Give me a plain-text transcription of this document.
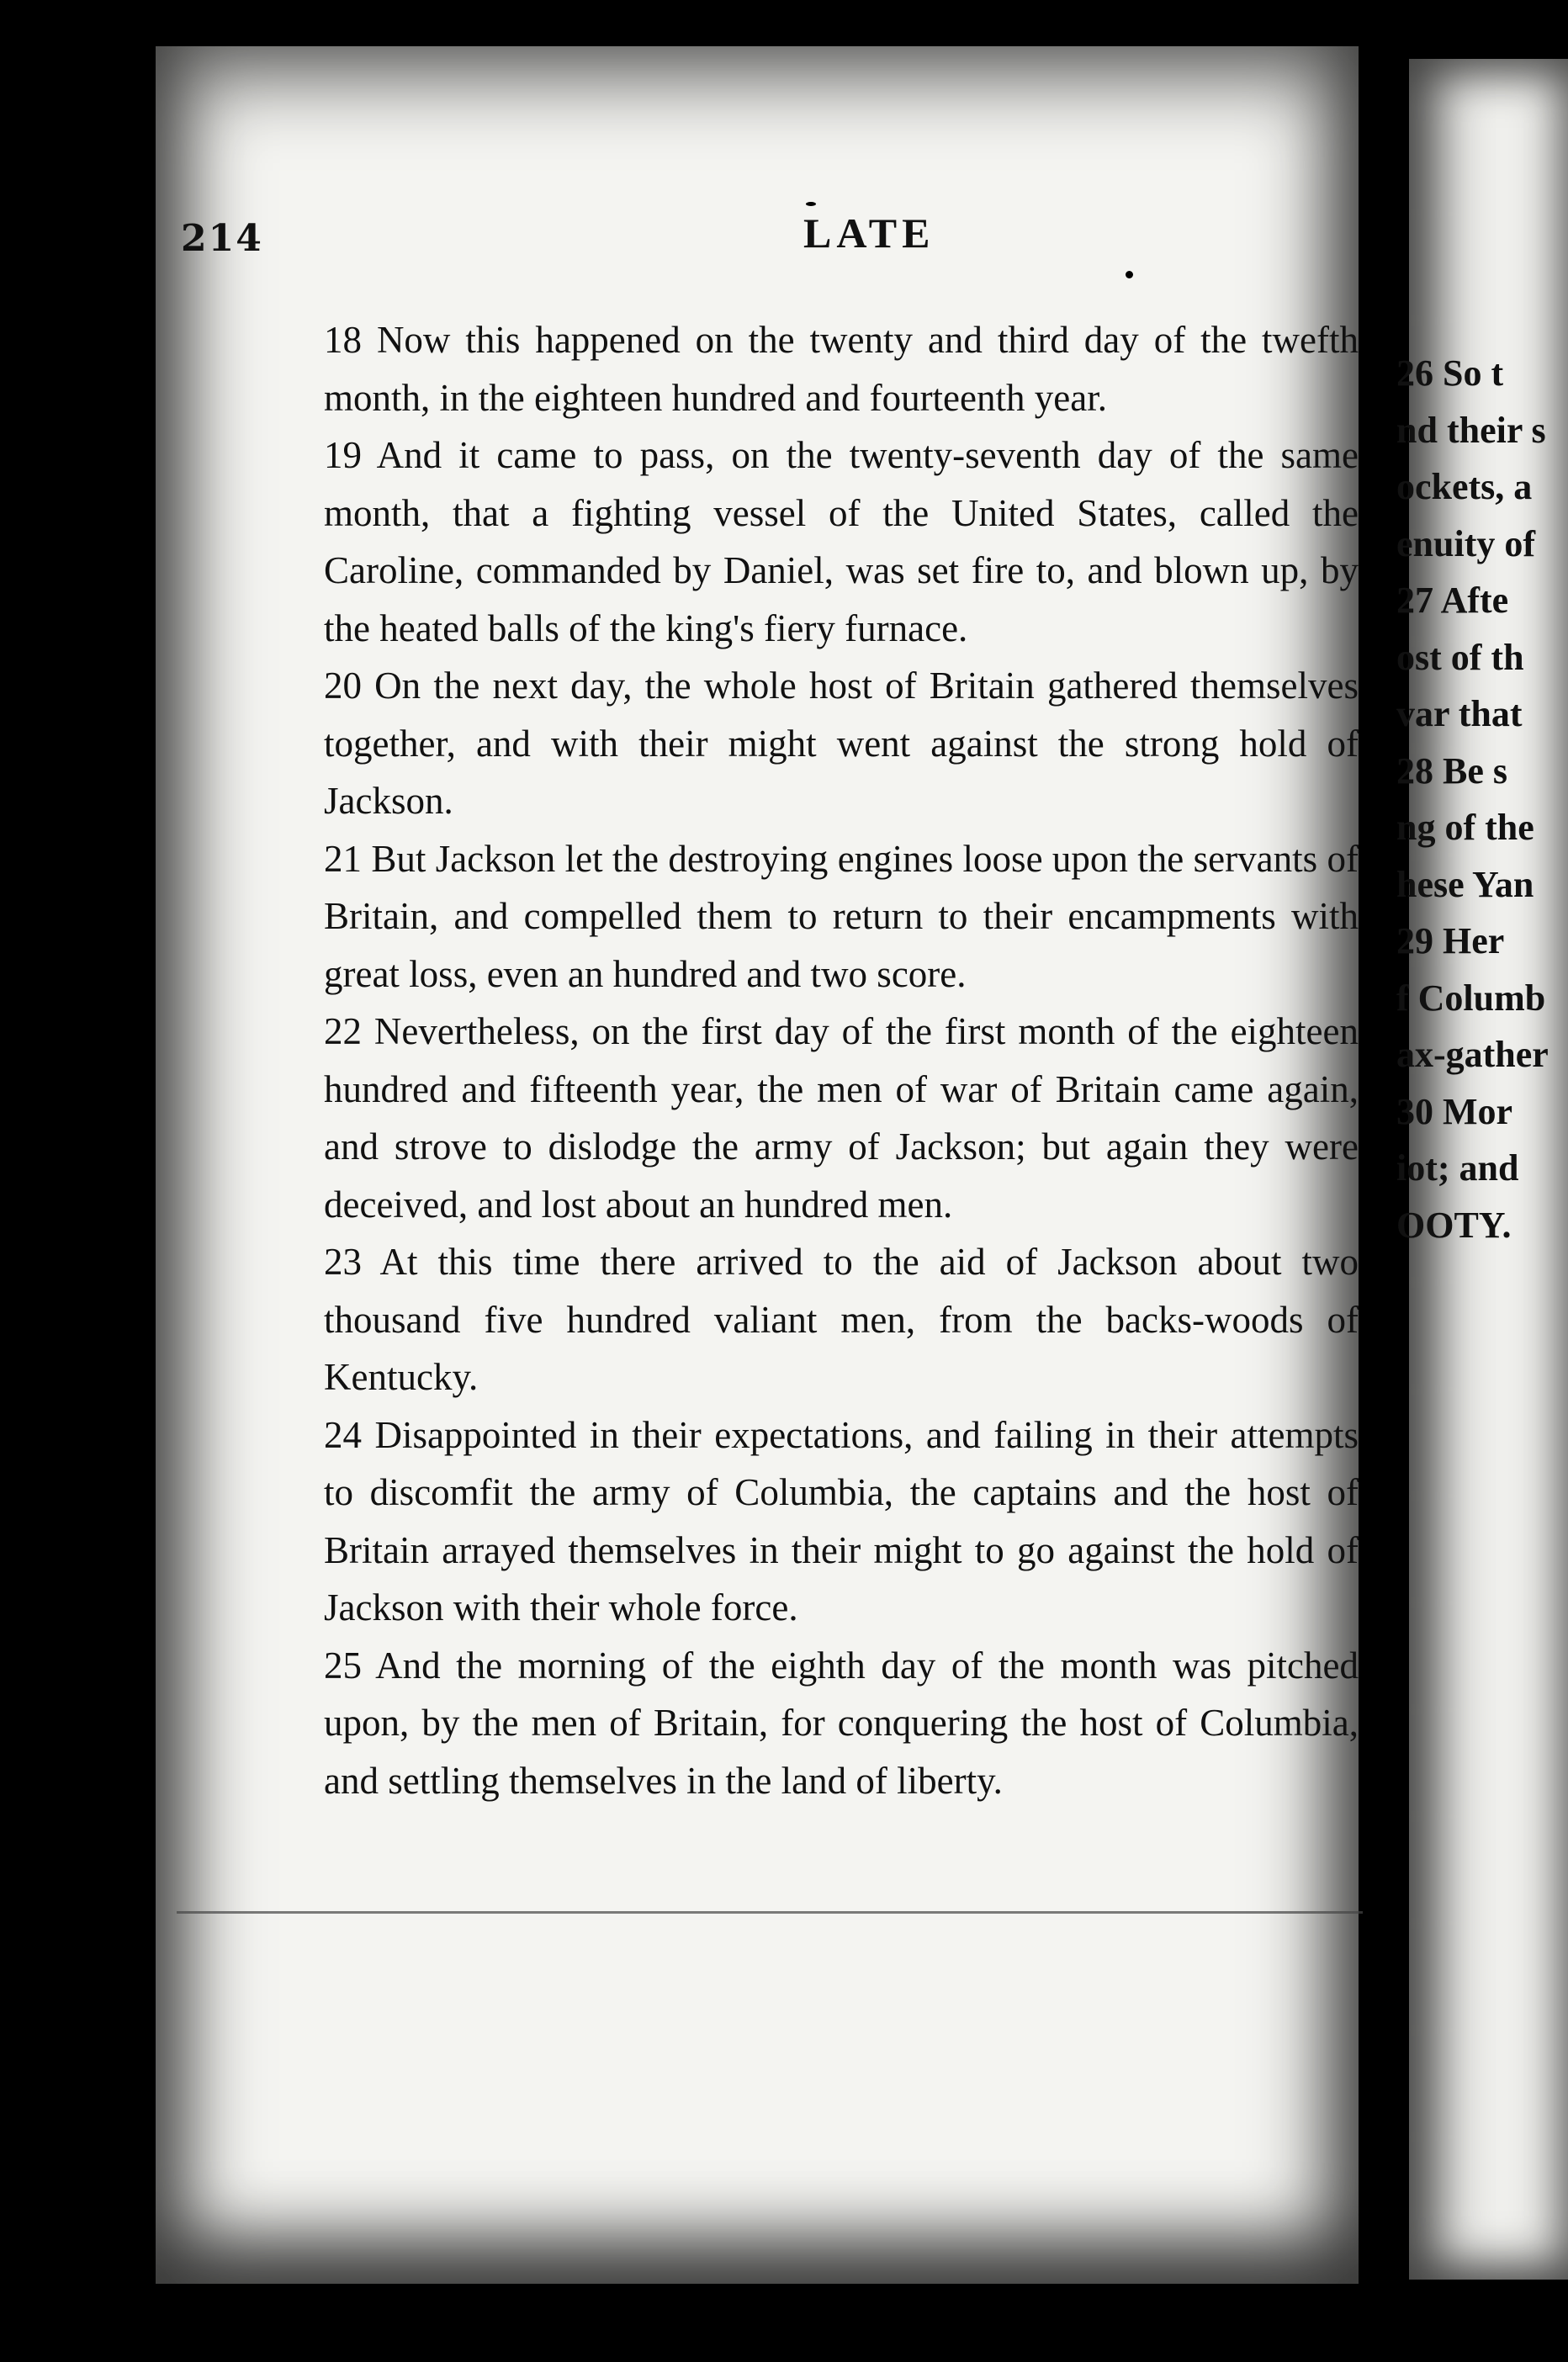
214	LATE

18 Now this happened on the twenty and third day of the twefth month, in the eighteen hundred and fourteenth year.

19 And it came to pass, on the twenty-seventh day of the same month, that a fighting vessel of the United States, called the Caroline, commanded by Daniel, was set fire to, and blown up, by the heated balls of the king's fiery furnace.

20 On the next day, the whole host of Britain gathered themselves together, and with their might went against the strong hold of Jackson.

21 But Jackson let the destroying engines loose upon the servants of Britain, and compelled them to return to their encampments with great loss, even an hundred and two score.

22 Nevertheless, on the first day of the first month of the eighteen hundred and fifteenth year, the men of war of Britain came again, and strove to dislodge the army of Jackson; but again they were deceived, and lost about an hundred men.

23 At this time there arrived to the aid of Jackson about two thousand five hundred valiant men, from the backs-woods of Kentucky.

24 Disappointed in their expectations, and failing in their attempts to discomfit the army of Columbia, the captains and the host of Britain arrayed themselves in their might to go against the hold of Jackson with their whole force.

25 And the morning of the eighth day of the month was pitched upon, by the men of Britain, for conquering the host of Columbia, and settling themselves in the land of liberty.

26 So t
nd their s
ockets, a
enuity of
27 Afte
ost of th
var that
28 Be s
ng of the
hese Yan
29 Her
f Columb
ax-gather
30 Mor
iot; and
OOTY.
